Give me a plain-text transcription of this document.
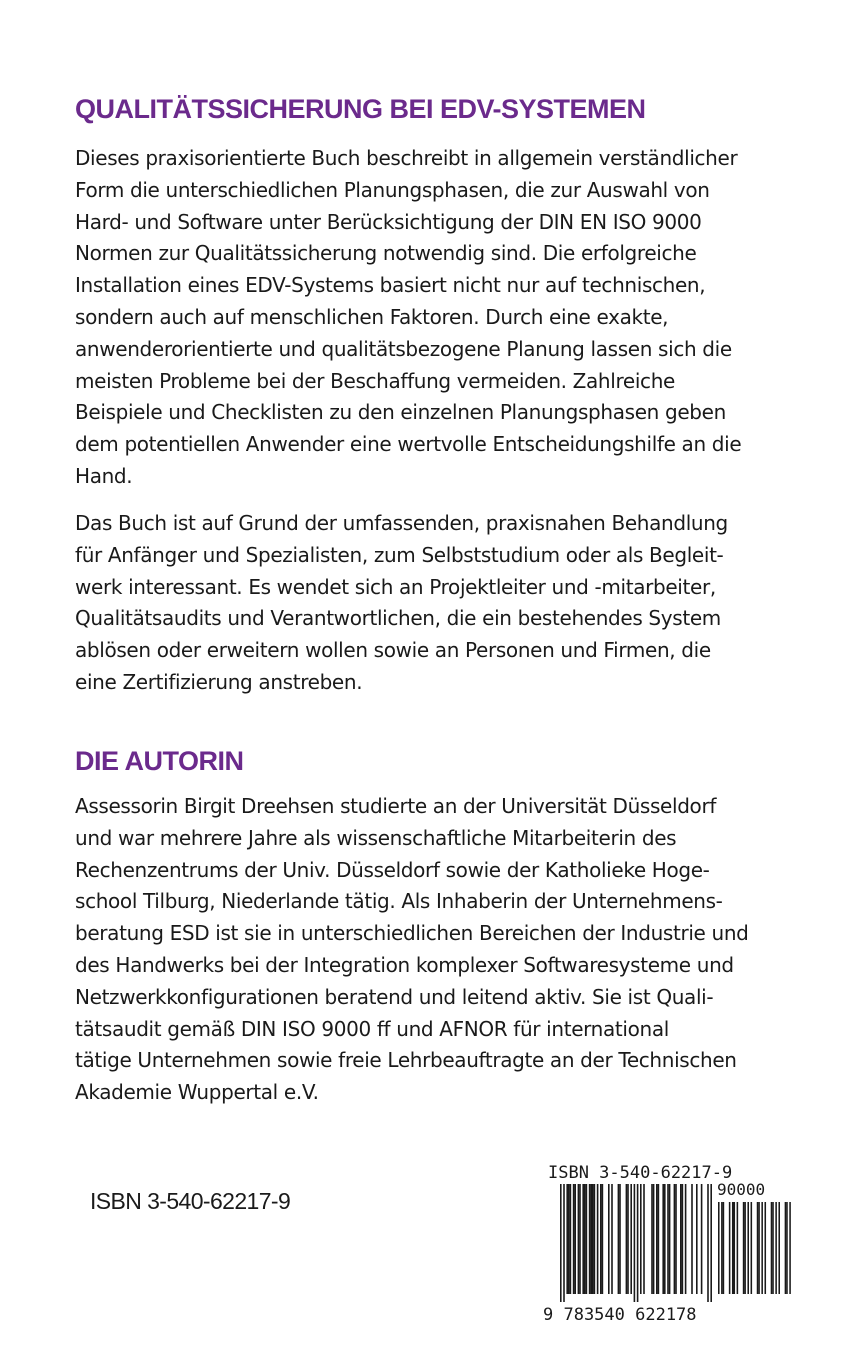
QUALITÄTSSICHERUNG BEI EDV-SYSTEMEN

Dieses praxisorientierte Buch beschreibt in allgemein verständlicher
Form die unterschiedlichen Planungsphasen, die zur Auswahl von
Hard- und Software unter Berücksichtigung der DIN EN ISO 9000
Normen zur Qualitätssicherung notwendig sind. Die erfolgreiche
Installation eines EDV-Systems basiert nicht nur auf technischen,
sondern auch auf menschlichen Faktoren. Durch eine exakte,
anwenderorientierte und qualitätsbezogene Planung lassen sich die
meisten Probleme bei der Beschaffung vermeiden. Zahlreiche
Beispiele und Checklisten zu den einzelnen Planungsphasen geben
dem potentiellen Anwender eine wertvolle Entscheidungshilfe an die
Hand.

Das Buch ist auf Grund der umfassenden, praxisnahen Behandlung
für Anfänger und Spezialisten, zum Selbststudium oder als Begleit-
werk interessant. Es wendet sich an Projektleiter und -mitarbeiter,
Qualitätsaudits und Verantwortlichen, die ein bestehendes System
ablösen oder erweitern wollen sowie an Personen und Firmen, die
eine Zertifizierung anstreben.

DIE AUTORIN

Assessorin Birgit Dreehsen studierte an der Universität Düsseldorf
und war mehrere Jahre als wissenschaftliche Mitarbeiterin des
Rechenzentrums der Univ. Düsseldorf sowie der Katholieke Hoge-
school Tilburg, Niederlande tätig. Als Inhaberin der Unternehmens-
beratung ESD ist sie in unterschiedlichen Bereichen der Industrie und
des Handwerks bei der Integration komplexer Softwaresysteme und
Netzwerkkonfigurationen beratend und leitend aktiv. Sie ist Quali-
tätsaudit gemäß DIN ISO 9000 ff und AFNOR für international
tätige Unternehmen sowie freie Lehrbeauftragte an der Technischen
Akademie Wuppertal e.V.

ISBN 3-540-62217-9
ISBN 3-540-62217-9
90000
9 783540 622178
